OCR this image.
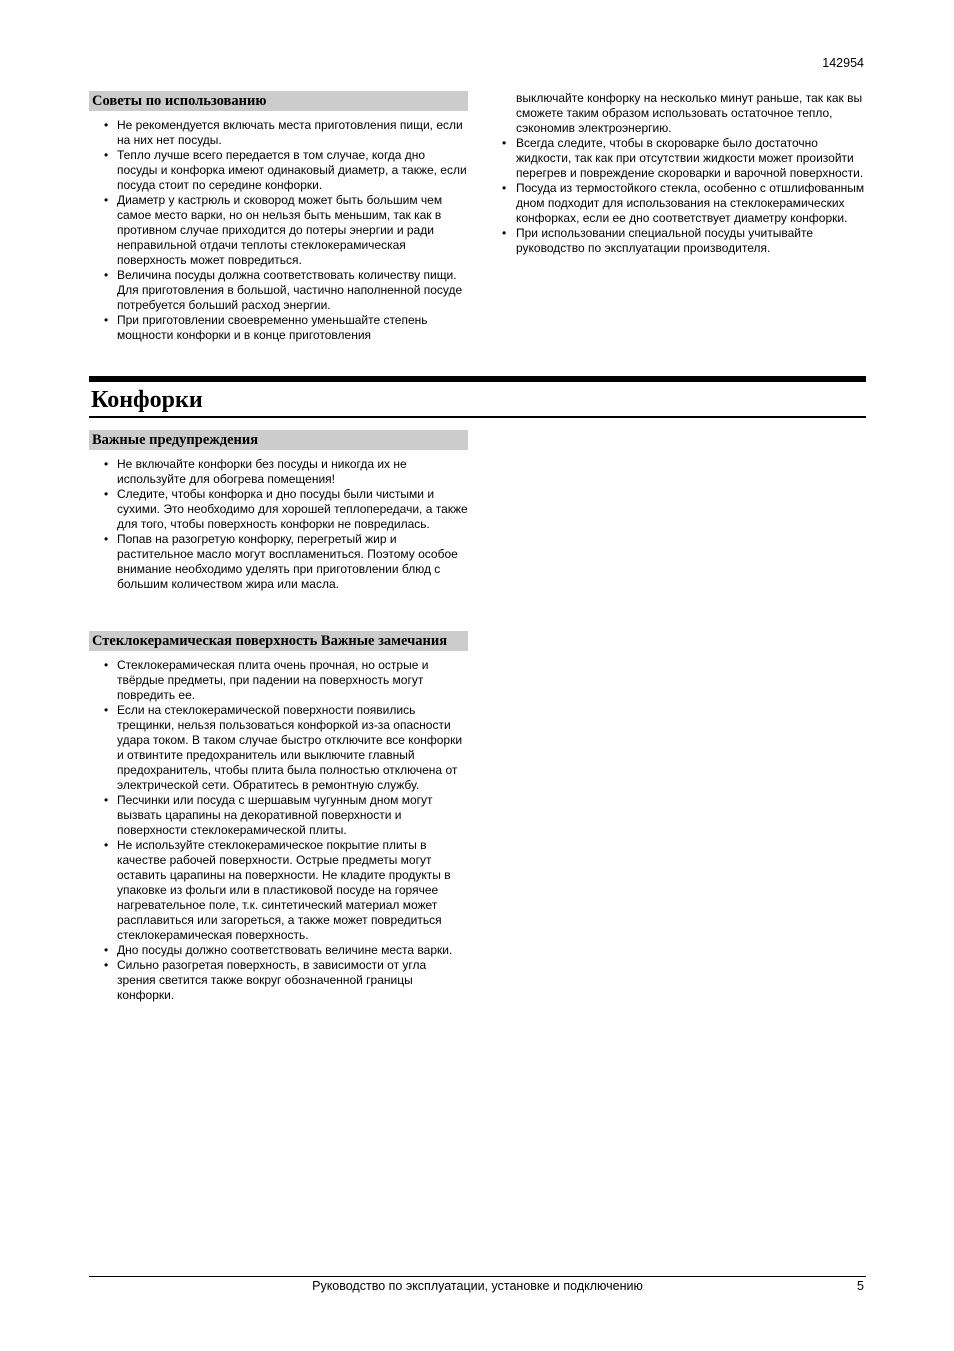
142954
Советы по использованию
• Не рекомендуется включать места приготовления пищи, если на них нет посуды.
• Тепло лучше всего передается в том случае, когда дно посуды и конфорка имеют одинаковый диаметр, а также, если посуда стоит по середине конфорки.
• Диаметр у кастрюль и сковород может быть большим чем самое место варки, но он нельзя быть меньшим, так как в противном случае приходится до потеры энергии и ради неправильной отдачи теплоты стеклокерамическая поверхность может повредиться.
• Величина посуды должна соответствовать количеству пищи. Для приготовления в большой, частично наполненной посуде потребуется больший расход энергии.
• При приготовлении своевременно уменьшайте степень мощности конфорки и в конце приготовления
выключайте конфорку на несколько минут раньше, так как вы сможете таким образом использовать остаточное тепло, сэкономив электроэнергию.
• Всегда следите, чтобы в скороварке было достаточно жидкости, так как при отсутствии жидкости может произойти перегрев и повреждение скороварки и варочной поверхности.
• Посуда из термостойкого стекла, особенно с отшлифованным дном подходит для использования на стеклокерамических конфорках, если ее дно соответствует диаметру конфорки.
• При использовании специальной посуды учитывайте руководство по эксплуатации производителя.
Конфорки
Важные предупреждения
• Не включайте конфорки без посуды и никогда их не используйте для обогрева помещения!
• Следите, чтобы конфорка и дно посуды были чистыми и сухими. Это необходимо для хорошей теплопередачи, а также для того, чтобы поверхность конфорки не повредилась.
• Попав на разогретую конфорку, перегретый жир и растительное масло могут воспламениться. Поэтому особое внимание необходимо уделять при приготовлении блюд с большим количеством жира или масла.
Стеклокерамическая поверхность Важные замечания
• Стеклокерамическая плита очень прочная, но острые и твёрдые предметы, при падении на поверхность могут повредить ее.
• Если на стеклокерамической поверхности появились трещинки, нельзя пользоваться конфоркой из-за опасности удара током. В таком случае быстро отключите все конфорки и отвинтите предохранитель или выключите главный предохранитель, чтобы плита была полностью отключена от электрической сети. Обратитесь в ремонтную службу.
• Песчинки или посуда с шершавым чугунным дном могут вызвать царапины на декоративной поверхности и поверхности стеклокерамической плиты.
• Не используйте стеклокерамическое покрытие плиты в качестве рабочей поверхности. Острые предметы могут оставить царапины на поверхности. Не кладите продукты в упаковке из фольги или в пластиковой посуде на горячее нагревательное поле, т.к. синтетический материал может расплавиться или загореться, а также может повредиться стеклокерамическая поверхность.
• Дно посуды должно соответствовать величине места варки.
• Сильно разогретая поверхность, в зависимости от угла зрения светится также вокруг обозначенной границы конфорки.
Руководство по эксплуатации, установке и подключению	5
